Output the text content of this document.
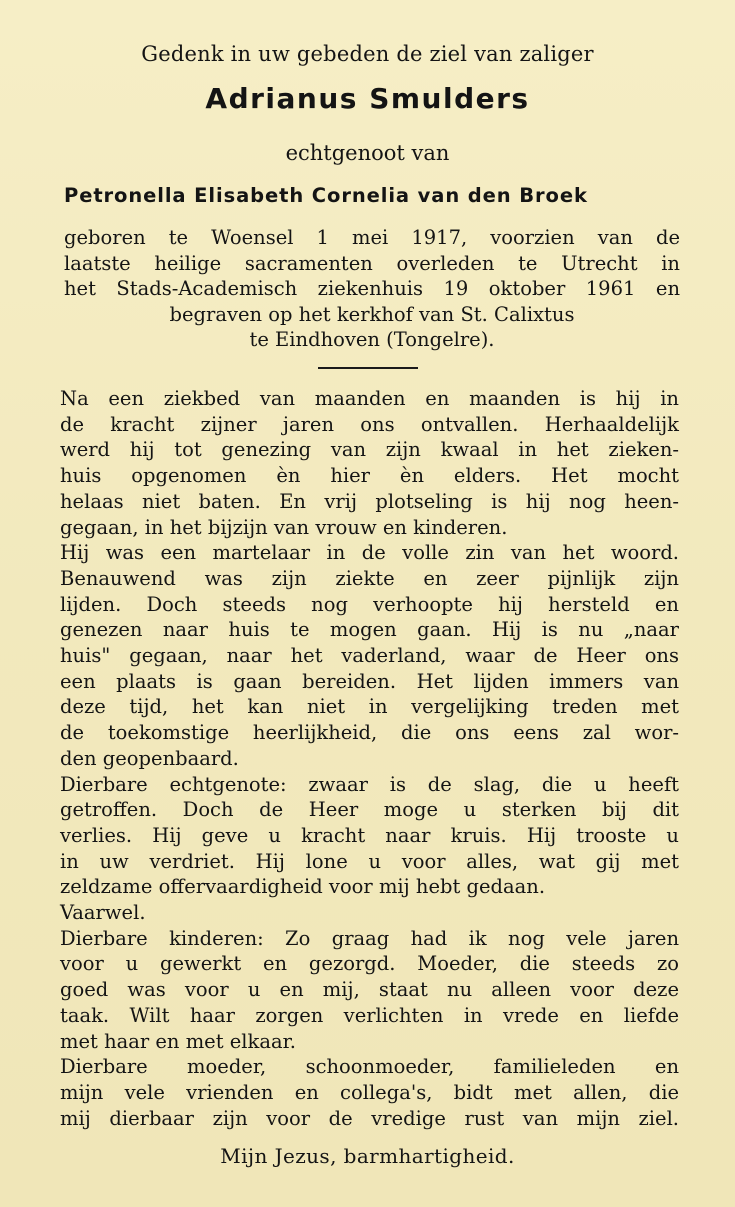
Gedenk in uw gebeden de ziel van zaliger
Adrianus Smulders
echtgenoot van
Petronella Elisabeth Cornelia van den Broek
geboren te Woensel 1 mei 1917, voorzien van de
laatste heilige sacramenten overleden te Utrecht in
het Stads-Academisch ziekenhuis 19 oktober 1961 en
begraven op het kerkhof van St. Calixtus
te Eindhoven (Tongelre).
Na een ziekbed van maanden en maanden is hij in
de kracht zijner jaren ons ontvallen. Herhaaldelijk
werd hij tot genezing van zijn kwaal in het zieken-
huis opgenomen èn hier èn elders. Het mocht
helaas niet baten. En vrij plotseling is hij nog heen-
gegaan, in het bijzijn van vrouw en kinderen.
Hij was een martelaar in de volle zin van het woord.
Benauwend was zijn ziekte en zeer pijnlijk zijn
lijden. Doch steeds nog verhoopte hij hersteld en
genezen naar huis te mogen gaan. Hij is nu „naar
huis" gegaan, naar het vaderland, waar de Heer ons
een plaats is gaan bereiden. Het lijden immers van
deze tijd, het kan niet in vergelijking treden met
de toekomstige heerlijkheid, die ons eens zal wor-
den geopenbaard.
Dierbare echtgenote: zwaar is de slag, die u heeft
getroffen. Doch de Heer moge u sterken bij dit
verlies. Hij geve u kracht naar kruis. Hij trooste u
in uw verdriet. Hij lone u voor alles, wat gij met
zeldzame offervaardigheid voor mij hebt gedaan.
Vaarwel.
Dierbare kinderen: Zo graag had ik nog vele jaren
voor u gewerkt en gezorgd. Moeder, die steeds zo
goed was voor u en mij, staat nu alleen voor deze
taak. Wilt haar zorgen verlichten in vrede en liefde
met haar en met elkaar.
Dierbare moeder, schoonmoeder, familieleden en
mijn vele vrienden en collega's, bidt met allen, die
mij dierbaar zijn voor de vredige rust van mijn ziel.
Mijn Jezus, barmhartigheid.
